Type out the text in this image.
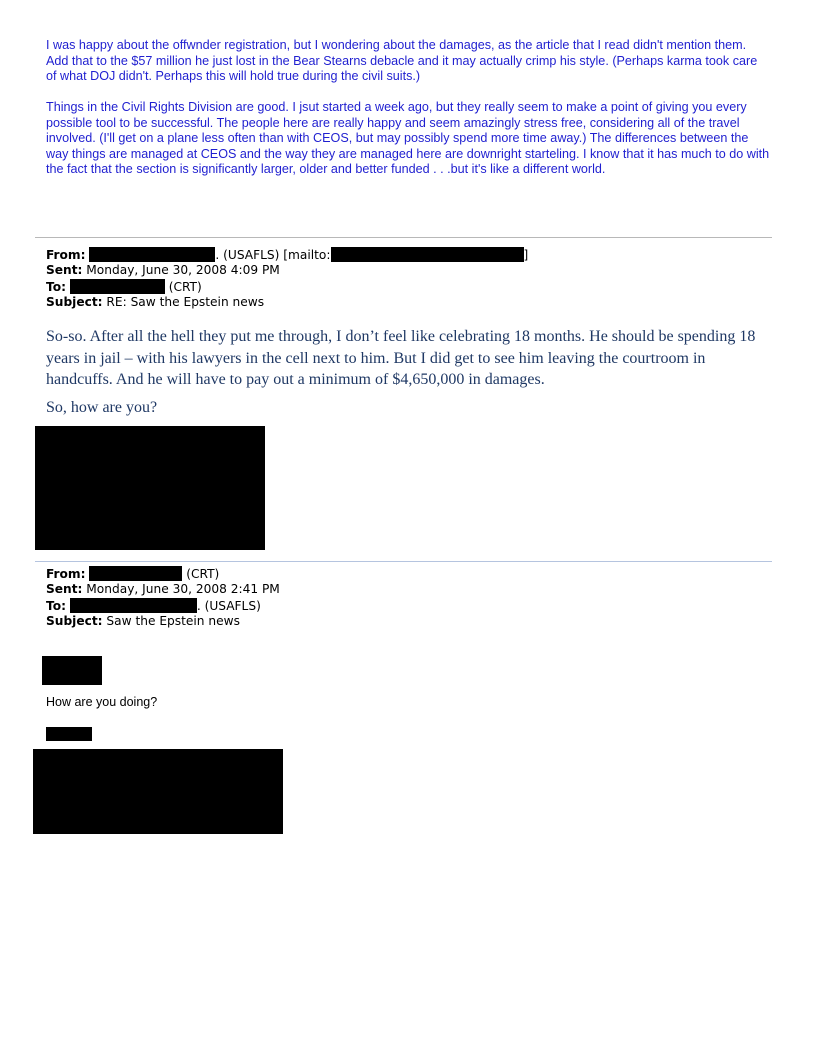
I was happy about the offwnder registration, but I wondering about the damages, as the article that I read didn't mention them. Add that to the $57 million he just lost in the Bear Stearns debacle and it may actually crimp his style. (Perhaps karma took care of what DOJ didn't. Perhaps this will hold true during the civil suits.)
Things in the Civil Rights Division are good. I jsut started a week ago, but they really seem to make a point of giving you every possible tool to be successful. The people here are really happy and seem amazingly stress free, considering all of the travel involved. (I'll get on a plane less often than with CEOS, but may possibly spend more time away.) The differences between the way things are managed at CEOS and the way they are managed here are downright starteling. I know that it has much to do with the fact that the section is significantly larger, older and better funded . . .but it's like a different world.
From:	. (USAFLS) [mailto:	]
Sent: Monday, June 30, 2008 4:09 PM
To:	(CRT)
Subject: RE: Saw the Epstein news
So-so. After all the hell they put me through, I don’t feel like celebrating 18 months. He should be spending 18 years in jail – with his lawyers in the cell next to him. But I did get to see him leaving the courtroom in handcuffs. And he will have to pay out a minimum of $4,650,000 in damages.
So, how are you?
From:	(CRT)
Sent: Monday, June 30, 2008 2:41 PM
To:	. (USAFLS)
Subject: Saw the Epstein news
How are you doing?
